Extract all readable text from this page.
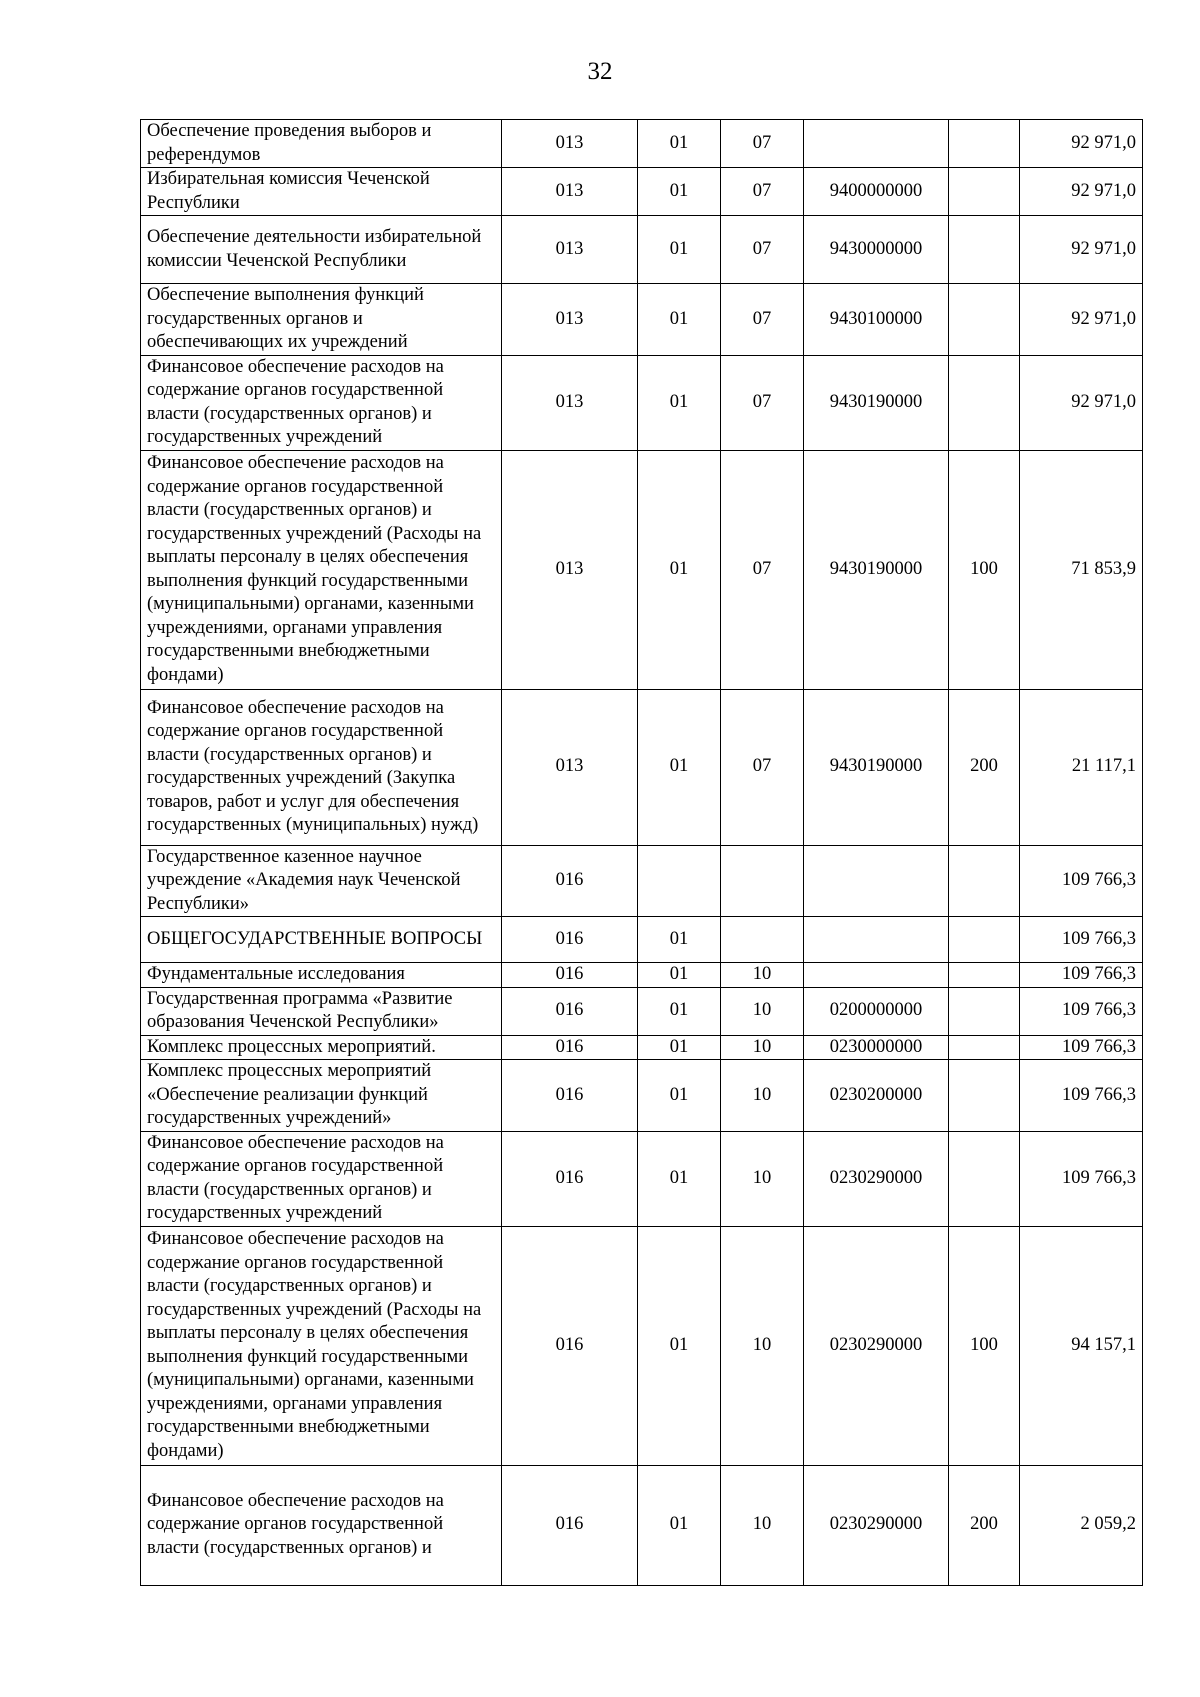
32
Обеспечение проведения выборов и референдумов	013	01	07			92 971,0
Избирательная комиссия Чеченской Республики	013	01	07	9400000000		92 971,0
Обеспечение деятельности избирательной комиссии Чеченской Республики	013	01	07	9430000000		92 971,0
Обеспечение выполнения функций государственных органов и обеспечивающих их учреждений	013	01	07	9430100000		92 971,0
Финансовое обеспечение расходов на содержание органов государственной власти (государственных органов) и государственных учреждений	013	01	07	9430190000		92 971,0
Финансовое обеспечение расходов на содержание органов государственной власти (государственных органов) и государственных учреждений (Расходы на выплаты персоналу в целях обеспечения выполнения функций государственными (муниципальными) органами, казенными учреждениями, органами управления государственными внебюджетными фондами)	013	01	07	9430190000	100	71 853,9
Финансовое обеспечение расходов на содержание органов государственной власти (государственных органов) и государственных учреждений (Закупка товаров, работ и услуг для обеспечения государственных (муниципальных) нужд)	013	01	07	9430190000	200	21 117,1
Государственное казенное научное учреждение «Академия наук Чеченской Республики»	016					109 766,3
ОБЩЕГОСУДАРСТВЕННЫЕ ВОПРОСЫ	016	01				109 766,3
Фундаментальные исследования	016	01	10			109 766,3
Государственная программа «Развитие образования Чеченской Республики»	016	01	10	0200000000		109 766,3
Комплекс процессных мероприятий.	016	01	10	0230000000		109 766,3
Комплекс процессных мероприятий «Обеспечение реализации функций государственных учреждений»	016	01	10	0230200000		109 766,3
Финансовое обеспечение расходов на содержание органов государственной власти (государственных органов) и государственных учреждений	016	01	10	0230290000		109 766,3
Финансовое обеспечение расходов на содержание органов государственной власти (государственных органов) и государственных учреждений (Расходы на выплаты персоналу в целях обеспечения выполнения функций государственными (муниципальными) органами, казенными учреждениями, органами управления государственными внебюджетными фондами)	016	01	10	0230290000	100	94 157,1
Финансовое обеспечение расходов на содержание органов государственной власти (государственных органов) и	016	01	10	0230290000	200	2 059,2
